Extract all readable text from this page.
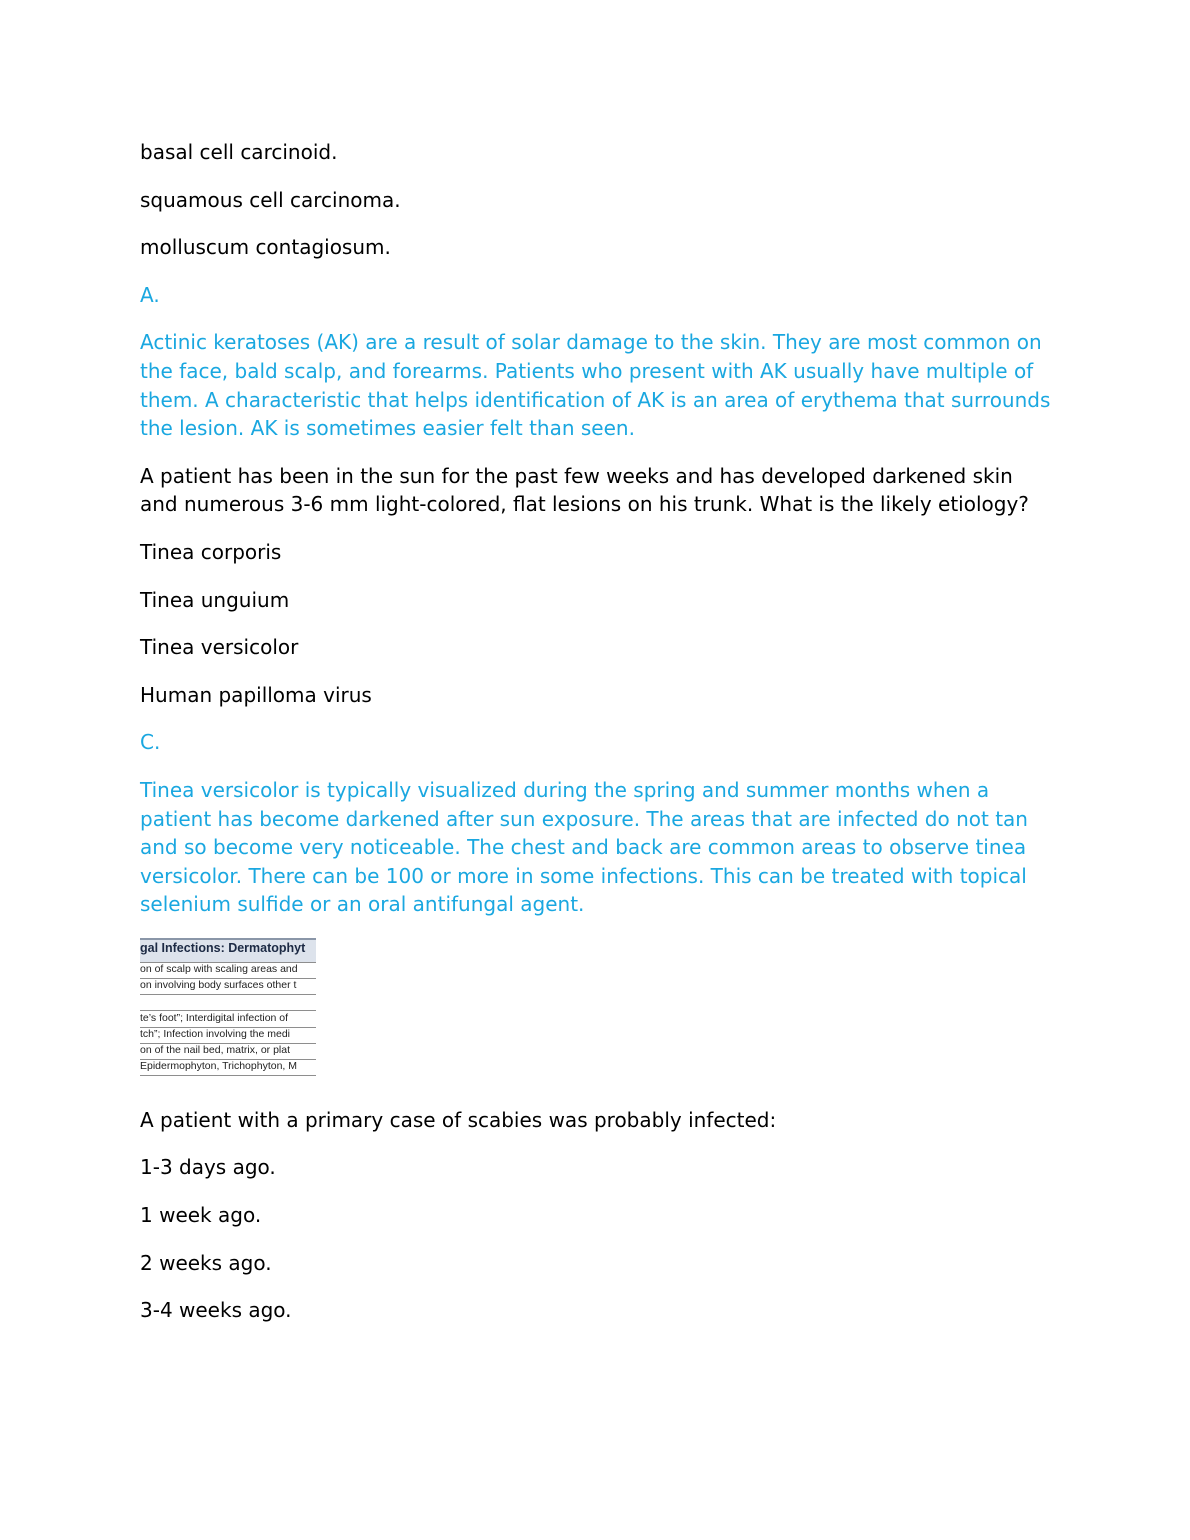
basal cell carcinoid.

squamous cell carcinoma.

molluscum contagiosum.

A.

Actinic keratoses (AK) are a result of solar damage to the skin. They are most common on the face, bald scalp, and forearms. Patients who present with AK usually have multiple of them. A characteristic that helps identification of AK is an area of erythema that surrounds the lesion. AK is sometimes easier felt than seen.

A patient has been in the sun for the past few weeks and has developed darkened skin and numerous 3-6 mm light-colored, flat lesions on his trunk. What is the likely etiology?

Tinea corporis

Tinea unguium

Tinea versicolor

Human papilloma virus

C.

Tinea versicolor is typically visualized during the spring and summer months when a patient has become darkened after sun exposure. The areas that are infected do not tan and so become very noticeable. The chest and back are common areas to observe tinea versicolor. There can be 100 or more in some infections. This can be treated with topical selenium sulfide or an oral antifungal agent.

gal Infections: Dermatophyt
on of scalp with scaling areas and
on involving body surfaces other t
te’s foot”; Interdigital infection of
tch”; Infection involving the medi
on of the nail bed, matrix, or plat
Epidermophyton, Trichophyton, M

A patient with a primary case of scabies was probably infected:

1-3 days ago.

1 week ago.

2 weeks ago.

3-4 weeks ago.
